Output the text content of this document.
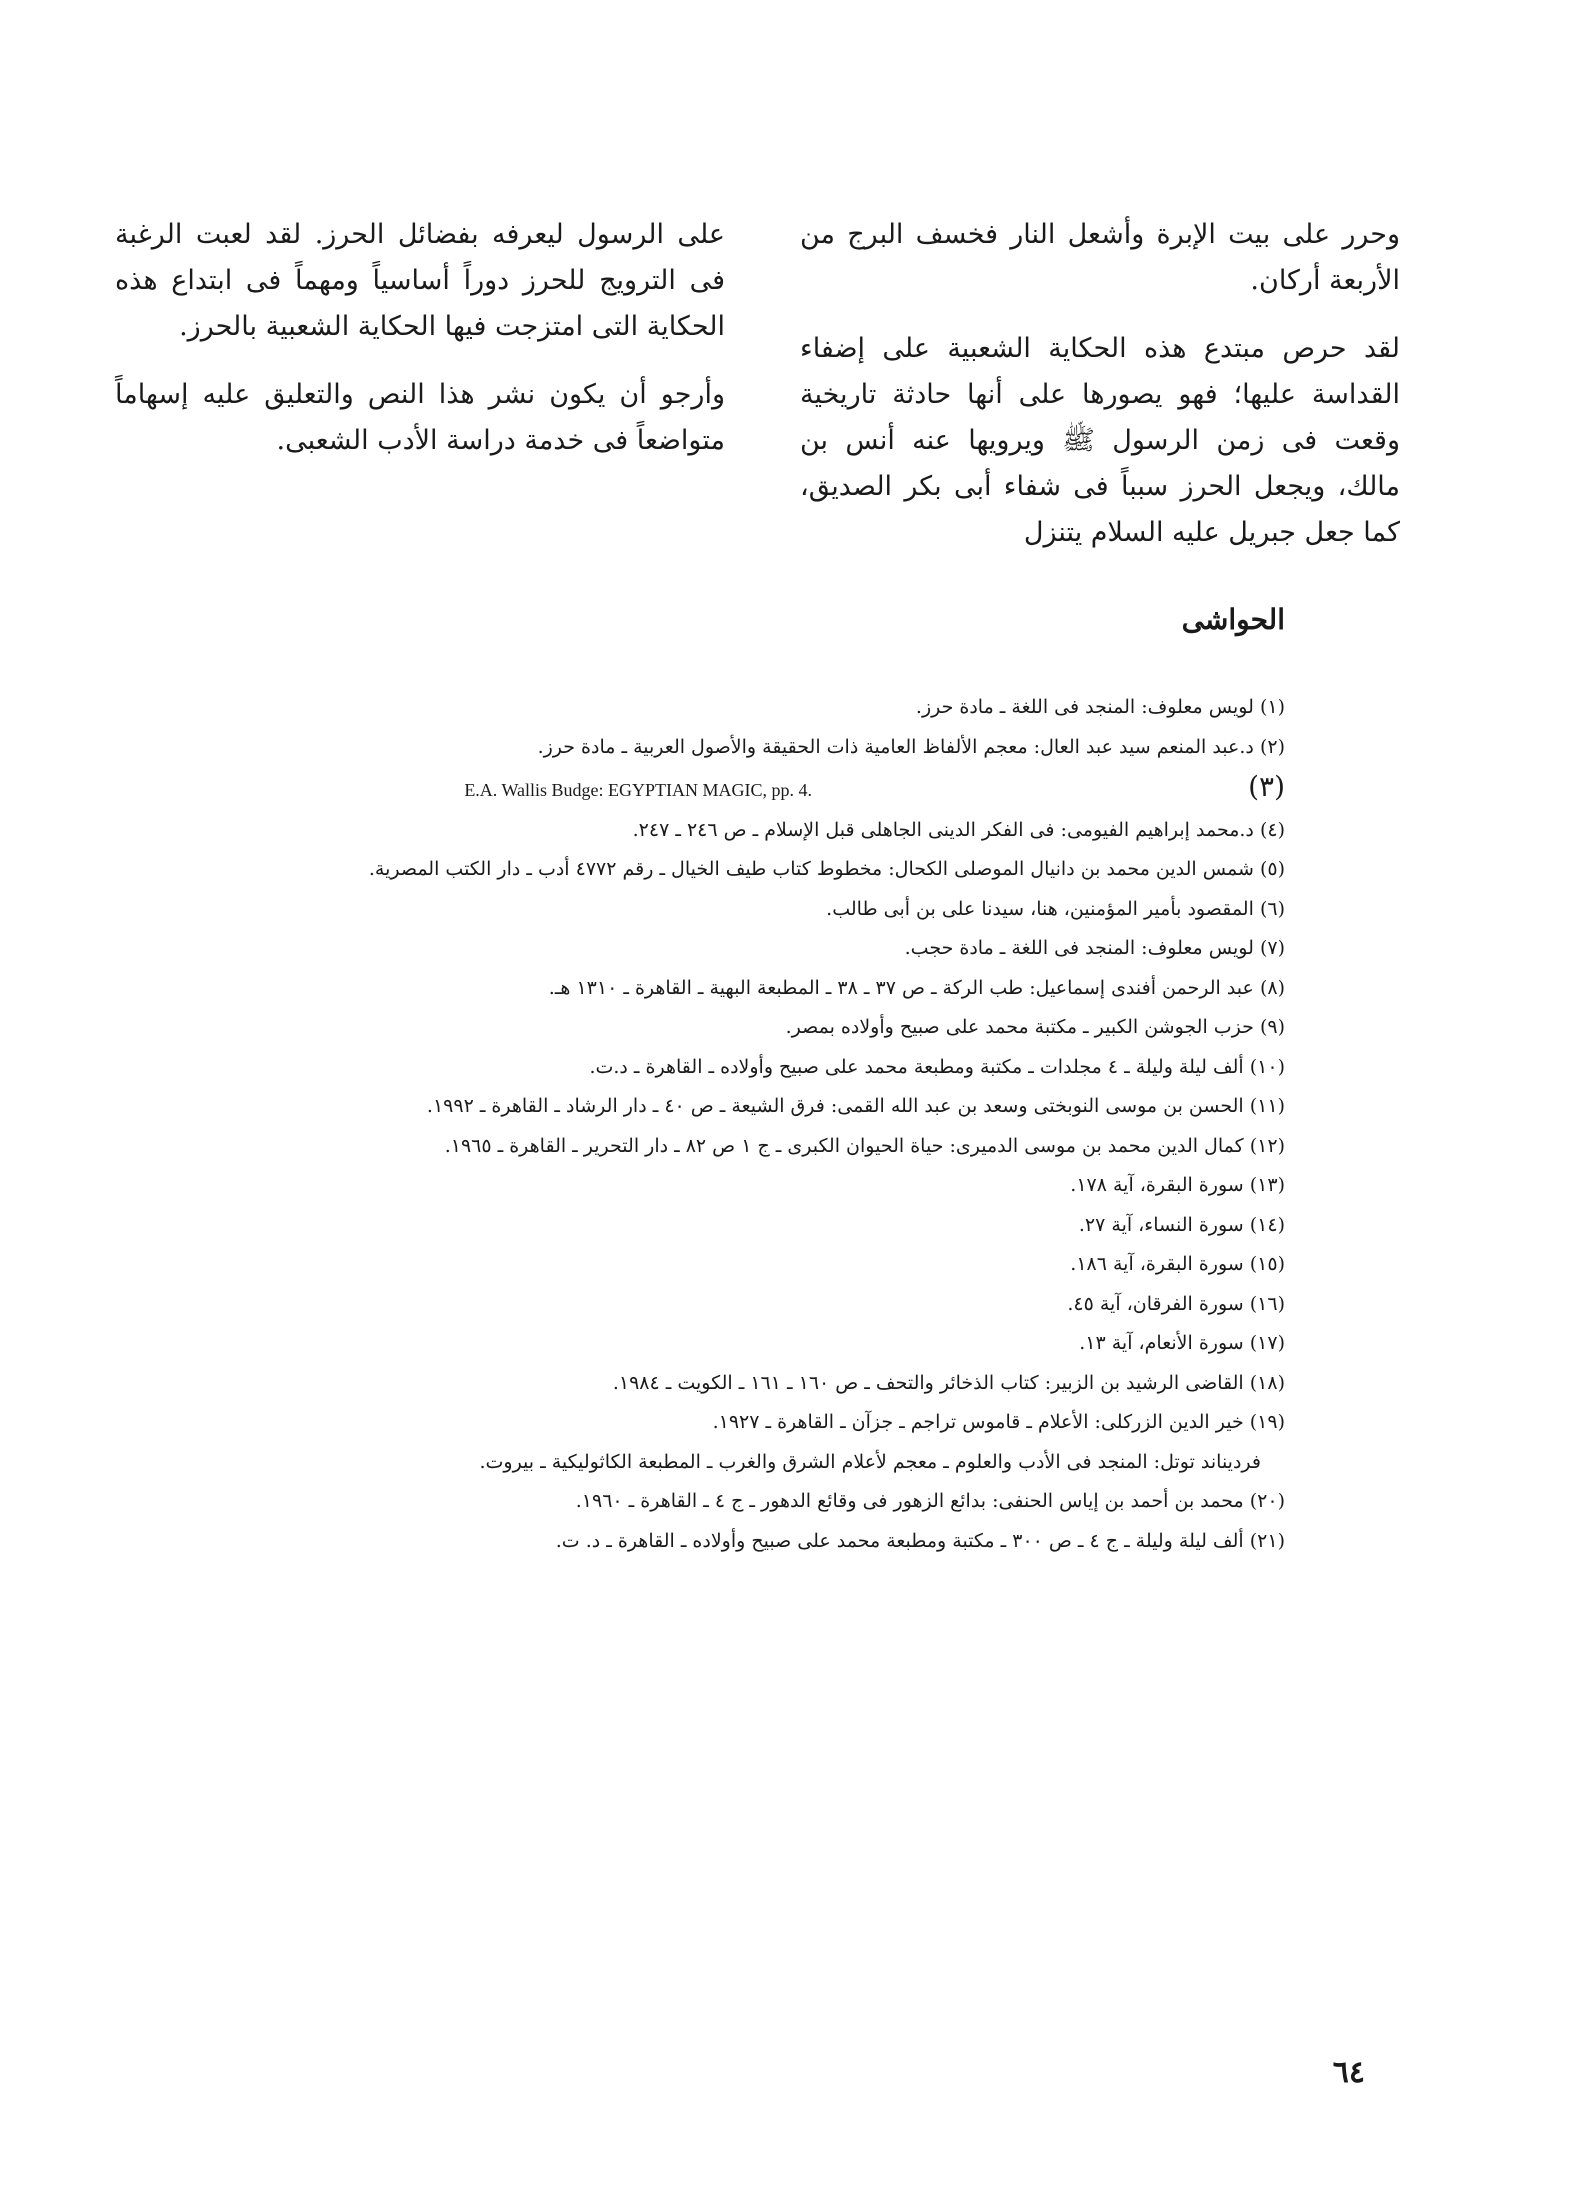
وحرر على بيت الإبرة وأشعل النار فخسف البرج من الأربعة أركان.

لقد حرص مبتدع هذه الحكاية الشعبية على إضفاء القداسة عليها؛ فهو يصورها على أنها حادثة تاريخية وقعت فى زمن الرسول ﷺ ويرويها عنه أنس بن مالك، ويجعل الحرز سبباً فى شفاء أبى بكر الصديق، كما جعل جبريل عليه السلام يتنزل

على الرسول ليعرفه بفضائل الحرز. لقد لعبت الرغبة فى الترويج للحرز دوراً أساسياً ومهماً فى ابتداع هذه الحكاية التى امتزجت فيها الحكاية الشعبية بالحرز.

وأرجو أن يكون نشر هذا النص والتعليق عليه إسهاماً متواضعاً فى خدمة دراسة الأدب الشعبى.

الحواشى
(١) لويس معلوف: المنجد فى اللغة ـ مادة حرز.
(٢) د.عبد المنعم سيد عبد العال: معجم الألفاظ العامية ذات الحقيقة والأصول العربية ـ مادة حرز.
(٣) E.A. Wallis Budge: EGYPTIAN MAGIC, pp. 4.
(٤) د.محمد إبراهيم الفيومى: فى الفكر الدينى الجاهلى قبل الإسلام ـ ص ٢٤٦ ـ ٢٤٧.
(٥) شمس الدين محمد بن دانيال الموصلى الكحال: مخطوط كتاب طيف الخيال ـ رقم ٤٧٧٢ أدب ـ دار الكتب المصرية.
(٦) المقصود بأمير المؤمنين، هنا، سيدنا على بن أبى طالب.
(٧) لويس معلوف: المنجد فى اللغة ـ مادة حجب.
(٨) عبد الرحمن أفندى إسماعيل: طب الركة ـ ص ٣٧ ـ ٣٨ ـ المطبعة البهية ـ القاهرة ـ ١٣١٠ هـ.
(٩) حزب الجوشن الكبير ـ مكتبة محمد على صبيح وأولاده بمصر.
(١٠) ألف ليلة وليلة ـ ٤ مجلدات ـ مكتبة ومطبعة محمد على صبيح وأولاده ـ القاهرة ـ د.ت.
(١١) الحسن بن موسى النوبختى وسعد بن عبد الله القمى: فرق الشيعة ـ ص ٤٠ ـ دار الرشاد ـ القاهرة ـ ١٩٩٢.
(١٢) كمال الدين محمد بن موسى الدميرى: حياة الحيوان الكبرى ـ ج ١ ص ٨٢ ـ دار التحرير ـ القاهرة ـ ١٩٦٥.
(١٣) سورة البقرة، آية ١٧٨.
(١٤) سورة النساء، آية ٢٧.
(١٥) سورة البقرة، آية ١٨٦.
(١٦) سورة الفرقان، آية ٤٥.
(١٧) سورة الأنعام، آية ١٣.
(١٨) القاضى الرشيد بن الزبير: كتاب الذخائر والتحف ـ ص ١٦٠ ـ ١٦١ ـ الكويت ـ ١٩٨٤.
(١٩) خير الدين الزركلى: الأعلام ـ قاموس تراجم ـ جزآن ـ القاهرة ـ ١٩٢٧.
فرديناند توتل: المنجد فى الأدب والعلوم ـ معجم لأعلام الشرق والغرب ـ المطبعة الكاثوليكية ـ بيروت.
(٢٠) محمد بن أحمد بن إياس الحنفى: بدائع الزهور فى وقائع الدهور ـ ج ٤ ـ القاهرة ـ ١٩٦٠.
(٢١) ألف ليلة وليلة ـ ج ٤ ـ ص ٣٠٠ ـ مكتبة ومطبعة محمد على صبيح وأولاده ـ القاهرة ـ د. ت.
٦٤
